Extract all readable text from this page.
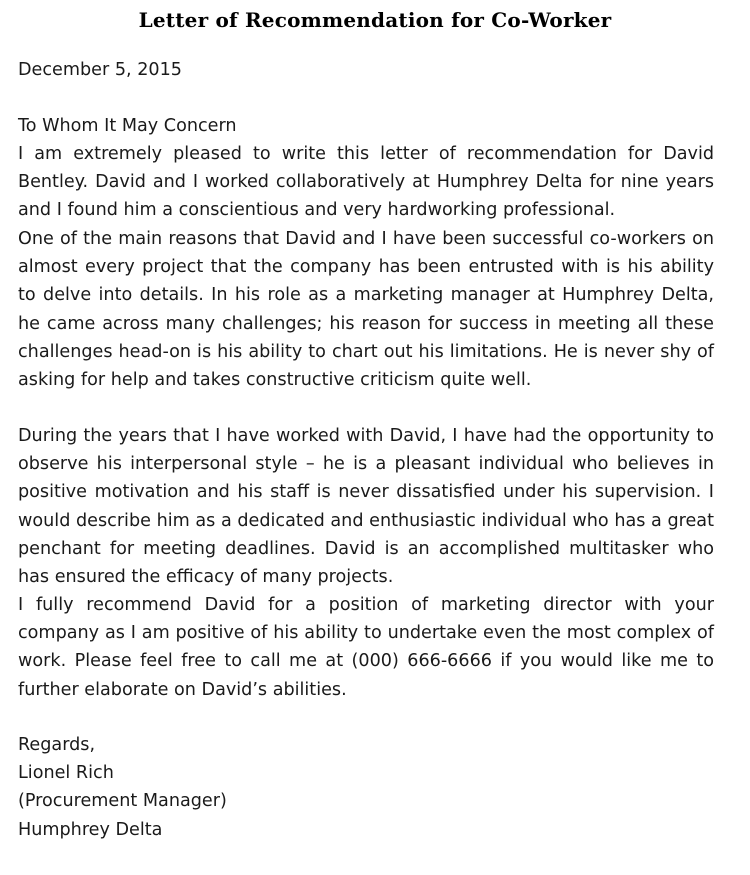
Letter of Recommendation for Co-Worker
December 5, 2015
To Whom It May Concern
I am extremely pleased to write this letter of recommendation for David Bentley. David and I worked collaboratively at Humphrey Delta for nine years and I found him a conscientious and very hardworking professional.
One of the main reasons that David and I have been successful co-workers on almost every project that the company has been entrusted with is his ability to delve into details. In his role as a marketing manager at Humphrey Delta, he came across many challenges; his reason for success in meeting all these challenges head-on is his ability to chart out his limitations. He is never shy of asking for help and takes constructive criticism quite well.
During the years that I have worked with David, I have had the opportunity to observe his interpersonal style – he is a pleasant individual who believes in positive motivation and his staff is never dissatisfied under his supervision. I would describe him as a dedicated and enthusiastic individual who has a great penchant for meeting deadlines. David is an accomplished multitasker who has ensured the efficacy of many projects.
I fully recommend David for a position of marketing director with your company as I am positive of his ability to undertake even the most complex of work. Please feel free to call me at (000) 666-6666 if you would like me to further elaborate on David’s abilities.
Regards,
Lionel Rich
(Procurement Manager)
Humphrey Delta
